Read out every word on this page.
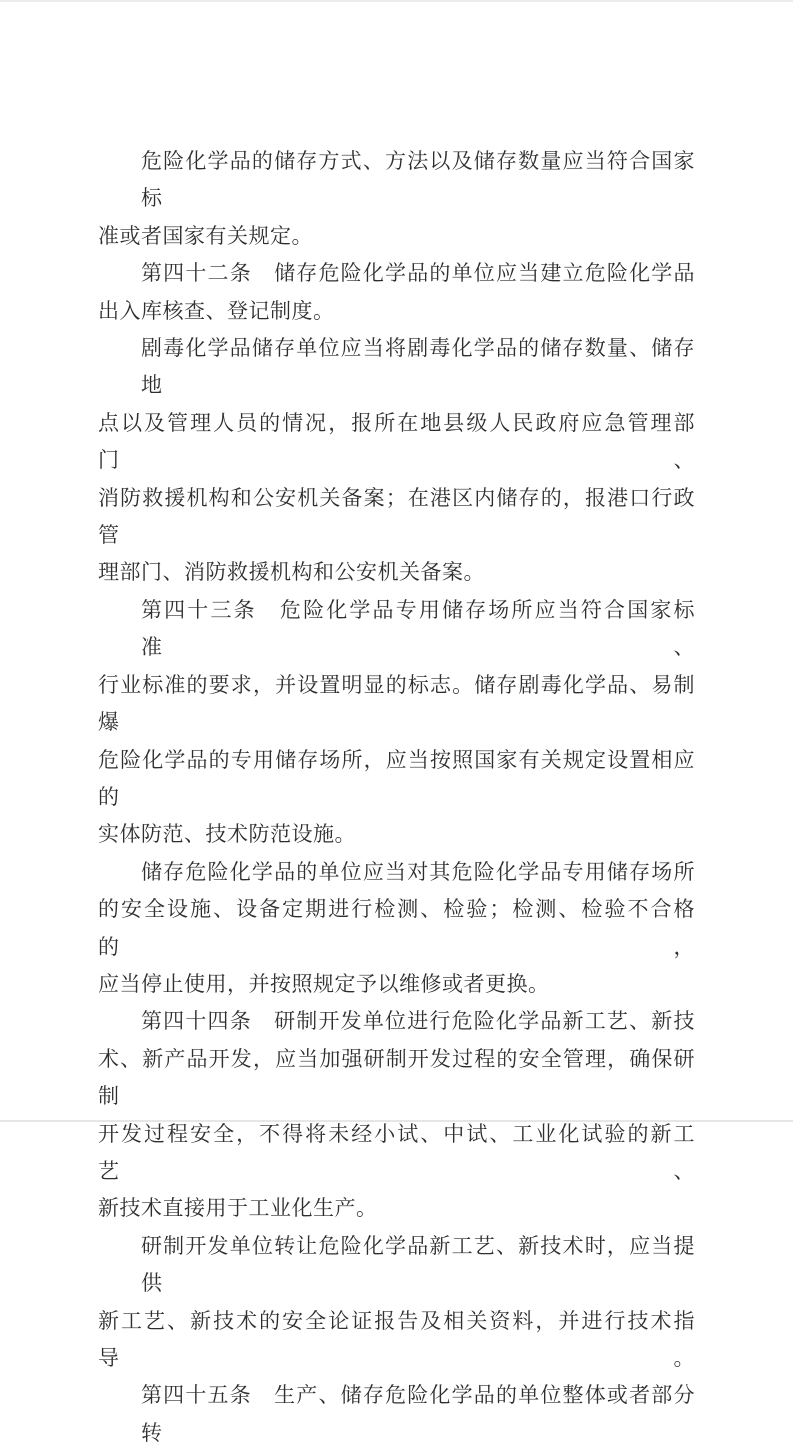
危险化学品的储存方式、方法以及储存数量应当符合国家标
准或者国家有关规定。

第四十二条　储存危险化学品的单位应当建立危险化学品
出入库核查、登记制度。

剧毒化学品储存单位应当将剧毒化学品的储存数量、储存地
点以及管理人员的情况，报所在地县级人民政府应急管理部门、
消防救援机构和公安机关备案；在港区内储存的，报港口行政管
理部门、消防救援机构和公安机关备案。

第四十三条　危险化学品专用储存场所应当符合国家标准、
行业标准的要求，并设置明显的标志。储存剧毒化学品、易制爆
危险化学品的专用储存场所，应当按照国家有关规定设置相应的
实体防范、技术防范设施。

储存危险化学品的单位应当对其危险化学品专用储存场所
的安全设施、设备定期进行检测、检验；检测、检验不合格的，
应当停止使用，并按照规定予以维修或者更换。

第四十四条　研制开发单位进行危险化学品新工艺、新技
术、新产品开发，应当加强研制开发过程的安全管理，确保研制
开发过程安全，不得将未经小试、中试、工业化试验的新工艺、
新技术直接用于工业化生产。

研制开发单位转让危险化学品新工艺、新技术时，应当提供
新工艺、新技术的安全论证报告及相关资料，并进行技术指导。

第四十五条　生产、储存危险化学品的单位整体或者部分转
